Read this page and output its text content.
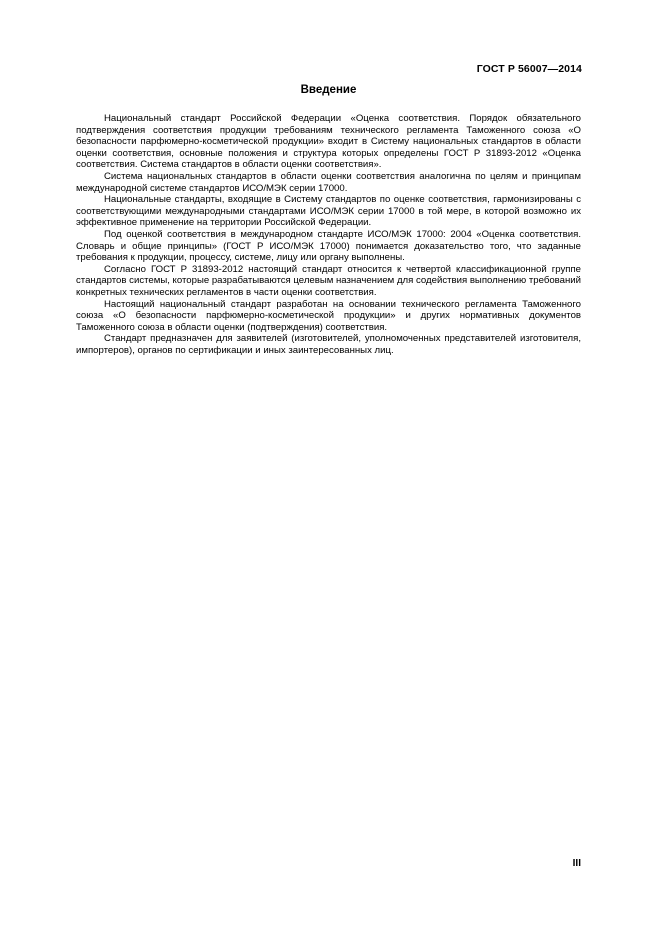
ГОСТ Р 56007—2014
Введение

Национальный стандарт Российской Федерации «Оценка соответствия. Порядок обязательного подтверждения соответствия продукции требованиям технического регламента Таможенного союза «О безопасности парфюмерно-косметической продукции» входит в Систему национальных стандартов в области оценки соответствия, основные положения и структура которых определены ГОСТ Р 31893-2012 «Оценка соответствия. Система стандартов в области оценки соответствия».

Система национальных стандартов в области оценки соответствия аналогична по целям и принципам международной системе стандартов ИСО/МЭК серии 17000.

Национальные стандарты, входящие в Систему стандартов по оценке соответствия, гармонизированы с соответствующими международными стандартами ИСО/МЭК серии 17000 в той мере, в которой возможно их эффективное применение на территории Российской Федерации.

Под оценкой соответствия в международном стандарте ИСО/МЭК 17000: 2004 «Оценка соответствия. Словарь и общие принципы» (ГОСТ Р ИСО/МЭК 17000) понимается доказательство того, что заданные требования к продукции, процессу, системе, лицу или органу выполнены.

Согласно ГОСТ Р 31893-2012 настоящий стандарт относится к четвертой классификационной группе стандартов системы, которые разрабатываются целевым назначением для содействия выполнению требований конкретных технических регламентов в части оценки соответствия.

Настоящий национальный стандарт разработан на основании технического регламента Таможенного союза «О безопасности парфюмерно-косметической продукции» и других нормативных документов Таможенного союза в области оценки (подтверждения) соответствия.

Стандарт предназначен для заявителей (изготовителей, уполномоченных представителей изготовителя, импортеров), органов по сертификации и иных заинтересованных лиц.

III
